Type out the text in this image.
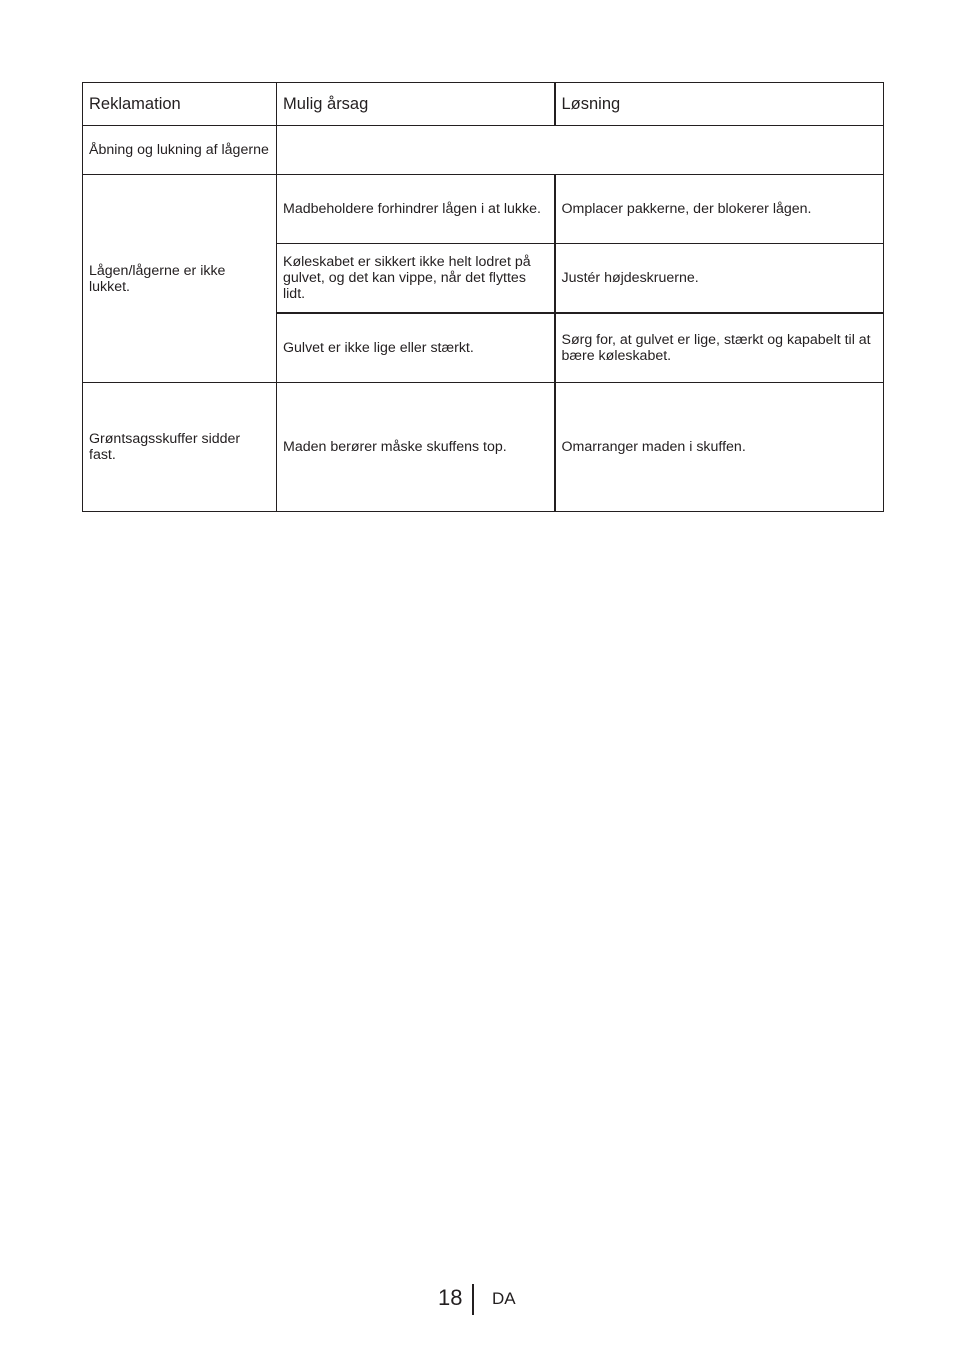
Reklamation	Mulig årsag	Løsning
Åbning og lukning af lågerne		
Lågen/lågerne er ikke lukket.	Madbeholdere forhindrer lågen i at lukke.	Omplacer pakkerne, der blokerer lågen.
	Køleskabet er sikkert ikke helt lodret på gulvet, og det kan vippe, når det flyttes lidt.	Justér højdeskruerne.
	Gulvet er ikke lige eller stærkt.	Sørg for, at gulvet er lige, stærkt og kapabelt til at bære køleskabet.
Grøntsagsskuffer sidder fast.	Maden berører måske skuffens top.	Omarranger maden i skuffen.
18 DA
